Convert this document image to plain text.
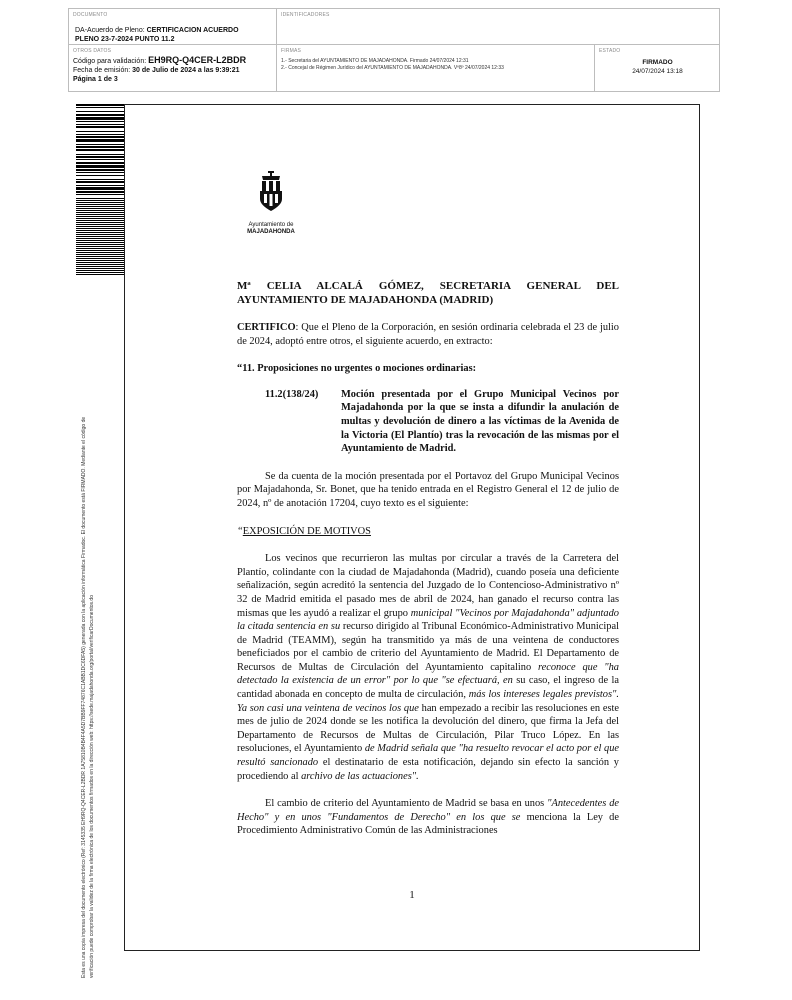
DOCUMENTO
DA-Acuerdo de Pleno: CERTIFICACION ACUERDO
PLENO 23-7-2024 PUNTO 11.2
IDENTIFICADORES
OTROS DATOS
Código para validación: EH9RQ-Q4CER-L2BDR
Fecha de emisión: 30 de Julio de 2024 a las 9:39:21
Página 1 de 3
FIRMAS
1.- Secretaria del AYUNTAMIENTO DE MAJADAHONDA. Firmado 24/07/2024 12:31
2.- Concejal de Régimen Jurídico del AYUNTAMIENTO DE MAJADAHONDA. Vº8º 24/07/2024 12:33
ESTADO
FIRMADO
24/07/2024 13:18
Esta es una copia impresa del documento electrónico (Ref: 3145335 EH9RQ-Q4CER-L2BDR 1A75810B4B4F4A5D7BB9FF74876C1ABB1DC6DFA5) generada con la aplicación informática Firmadoc. El documento está FIRMADO. Mediante el código de verificación puede comprobar la validez de la firma electrónica de los documentos firmados en la dirección web: https://sede.majadahonda.org/portal/verificarDocumentos.do
Ayuntamiento de
MAJADAHONDA

Mª CELIA ALCALÁ GÓMEZ, SECRETARIA GENERAL DEL AYUNTAMIENTO DE MAJADAHONDA (MADRID)

CERTIFICO: Que el Pleno de la Corporación, en sesión ordinaria celebrada el 23 de julio de 2024, adoptó entre otros, el siguiente acuerdo, en extracto:

“11. Proposiciones no urgentes o mociones ordinarias:

11.2(138/24)	Moción presentada por el Grupo Municipal Vecinos por Majadahonda por la que se insta a difundir la anulación de multas y devolución de dinero a las víctimas de la Avenida de la Victoria (El Plantío) tras la revocación de las mismas por el Ayuntamiento de Madrid.

Se da cuenta de la moción presentada por el Portavoz del Grupo Municipal Vecinos por Majadahonda, Sr. Bonet, que ha tenido entrada en el Registro General el 12 de julio de 2024, nº de anotación 17204, cuyo texto es el siguiente:

“EXPOSICIÓN DE MOTIVOS

Los vecinos que recurrieron las multas por circular a través de la Carretera del Plantío, colindante con la ciudad de Majadahonda (Madrid), cuando poseía una deficiente señalización, según acreditó la sentencia del Juzgado de lo Contencioso-Administrativo nº 32 de Madrid emitida el pasado mes de abril de 2024, han ganado el recurso contra las mismas que les ayudó a realizar el grupo municipal "Vecinos por Majadahonda" adjuntado la citada sentencia en su recurso dirigido al Tribunal Económico-Administrativo Municipal de Madrid (TEAMM), según ha transmitido ya más de una veintena de conductores beneficiados por el cambio de criterio del Ayuntamiento de Madrid. El Departamento de Recursos de Multas de Circulación del Ayuntamiento capitalino reconoce que "ha detectado la existencia de un error" por lo que "se efectuará, en su caso, el ingreso de la cantidad abonada en concepto de multa de circulación, más los intereses legales previstos". Ya son casi una veintena de vecinos los que han empezado a recibir las resoluciones en este mes de julio de 2024 donde se les notifica la devolución del dinero, que firma la Jefa del Departamento de Recursos de Multas de Circulación, Pilar Truco López. En las resoluciones, el Ayuntamiento de Madrid señala que "ha resuelto revocar el acto por el que resultó sancionado el destinatario de esta notificación, dejando sin efecto la sanción y procediendo al archivo de las actuaciones".

El cambio de criterio del Ayuntamiento de Madrid se basa en unos "Antecedentes de Hecho" y en unos "Fundamentos de Derecho" en los que se menciona la Ley de Procedimiento Administrativo Común de las Administraciones

1
